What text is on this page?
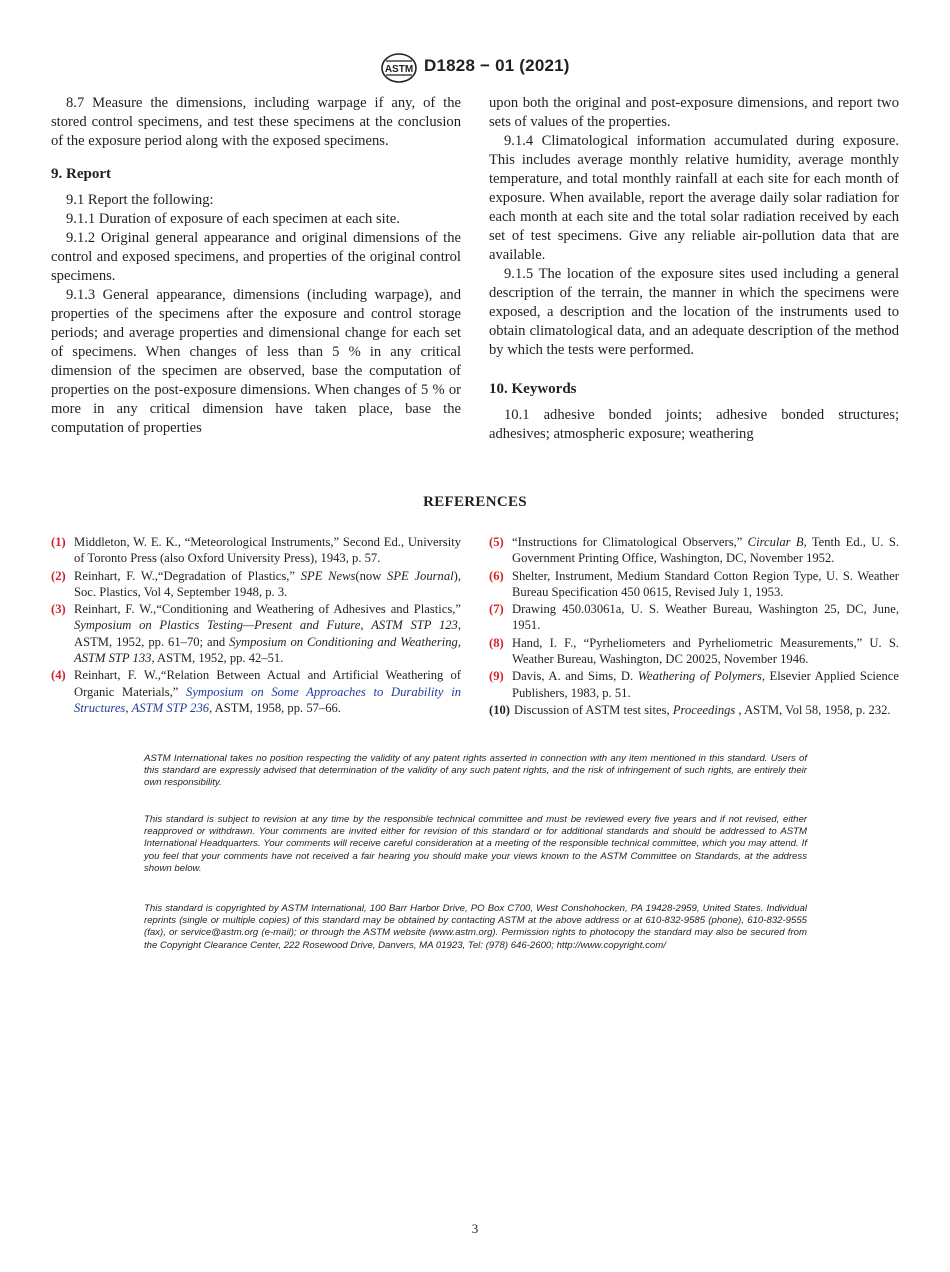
ASTM D1828 − 01 (2021)

8.7 Measure the dimensions, including warpage if any, of the stored control specimens, and test these specimens at the conclusion of the exposure period along with the exposed specimens.

9. Report

9.1 Report the following:

9.1.1 Duration of exposure of each specimen at each site.

9.1.2 Original general appearance and original dimensions of the control and exposed specimens, and properties of the original control specimens.

9.1.3 General appearance, dimensions (including warpage), and properties of the specimens after the exposure and control storage periods; and average properties and dimensional change for each set of specimens. When changes of less than 5 % in any critical dimension of the specimen are observed, base the computation of properties on the post-exposure dimensions. When changes of 5 % or more in any critical dimension have taken place, base the computation of properties

upon both the original and post-exposure dimensions, and report two sets of values of the properties.

9.1.4 Climatological information accumulated during exposure. This includes average monthly relative humidity, average monthly temperature, and total monthly rainfall at each site for each month of exposure. When available, report the average daily solar radiation for each month at each site and the total solar radiation received by each set of test specimens. Give any reliable air-pollution data that are available.

9.1.5 The location of the exposure sites used including a general description of the terrain, the manner in which the specimens were exposed, a description and the location of the instruments used to obtain climatological data, and an adequate description of the method by which the tests were performed.

10. Keywords

10.1 adhesive bonded joints; adhesive bonded structures; adhesives; atmospheric exposure; weathering

REFERENCES
(1) Middleton, W. E. K., “Meteorological Instruments,” Second Ed., University of Toronto Press (also Oxford University Press), 1943, p. 57.
(2) Reinhart, F. W.,“Degradation of Plastics,” SPE News(now SPE Journal), Soc. Plastics, Vol 4, September 1948, p. 3.
(3) Reinhart, F. W.,“Conditioning and Weathering of Adhesives and Plastics,” Symposium on Plastics Testing—Present and Future, ASTM STP 123, ASTM, 1952, pp. 61–70; and Symposium on Conditioning and Weathering, ASTM STP 133, ASTM, 1952, pp. 42–51.
(4) Reinhart, F. W.,“Relation Between Actual and Artificial Weathering of Organic Materials,” Symposium on Some Approaches to Durability in Structures, ASTM STP 236, ASTM, 1958, pp. 57–66.
(5) “Instructions for Climatological Observers,” Circular B, Tenth Ed., U. S. Government Printing Office, Washington, DC, November 1952.
(6) Shelter, Instrument, Medium Standard Cotton Region Type, U. S. Weather Bureau Specification 450 0615, Revised July 1, 1953.
(7) Drawing 450.03061a, U. S. Weather Bureau, Washington 25, DC, June, 1951.
(8) Hand, I. F., “Pyrheliometers and Pyrheliometric Measurements,” U. S. Weather Bureau, Washington, DC 20025, November 1946.
(9) Davis, A. and Sims, D. Weathering of Polymers, Elsevier Applied Science Publishers, 1983, p. 51.
(10) Discussion of ASTM test sites, Proceedings , ASTM, Vol 58, 1958, p. 232.
ASTM International takes no position respecting the validity of any patent rights asserted in connection with any item mentioned in this standard. Users of this standard are expressly advised that determination of the validity of any such patent rights, and the risk of infringement of such rights, are entirely their own responsibility.
This standard is subject to revision at any time by the responsible technical committee and must be reviewed every five years and if not revised, either reapproved or withdrawn. Your comments are invited either for revision of this standard or for additional standards and should be addressed to ASTM International Headquarters. Your comments will receive careful consideration at a meeting of the responsible technical committee, which you may attend. If you feel that your comments have not received a fair hearing you should make your views known to the ASTM Committee on Standards, at the address shown below.
This standard is copyrighted by ASTM International, 100 Barr Harbor Drive, PO Box C700, West Conshohocken, PA 19428-2959, United States. Individual reprints (single or multiple copies) of this standard may be obtained by contacting ASTM at the above address or at 610-832-9585 (phone), 610-832-9555 (fax), or service@astm.org (e-mail); or through the ASTM website (www.astm.org). Permission rights to photocopy the standard may also be secured from the Copyright Clearance Center, 222 Rosewood Drive, Danvers, MA 01923, Tel: (978) 646-2600; http://www.copyright.com/
3
